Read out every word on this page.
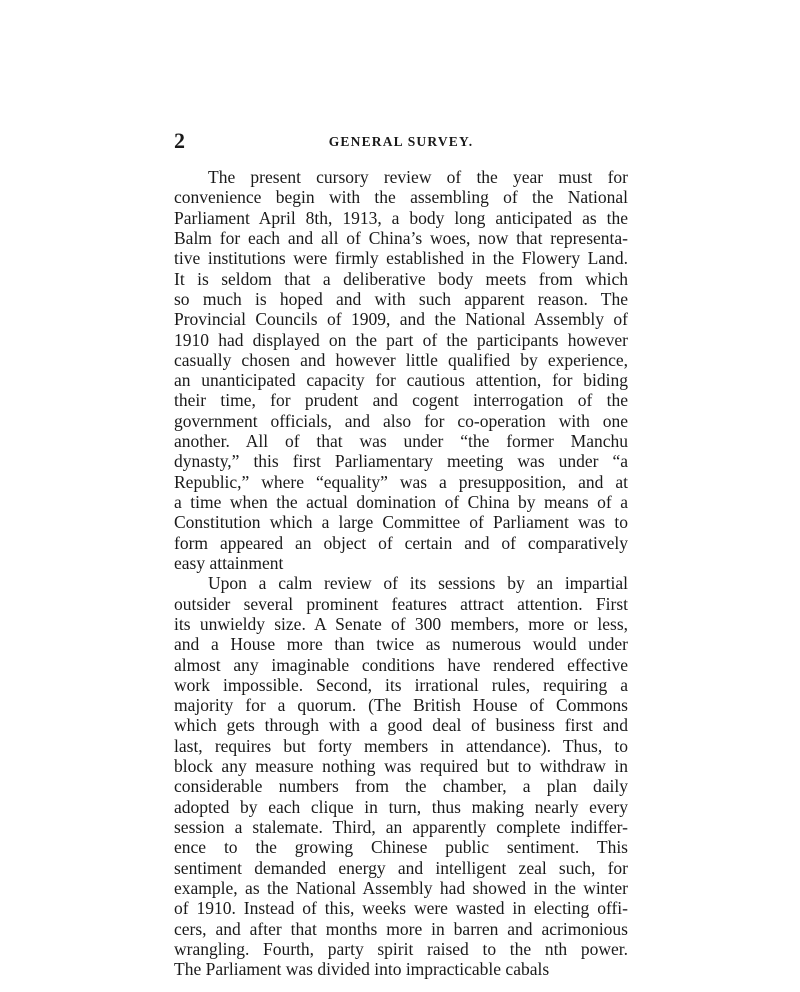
2	GENERAL SURVEY.
The present cursory review of the year must for
convenience begin with the assembling of the National
Parliament April 8th, 1913, a body long anticipated as the
Balm for each and all of China’s woes, now that representa-
tive institutions were firmly established in the Flowery Land.
It is seldom that a deliberative body meets from which
so much is hoped and with such apparent reason. The
Provincial Councils of 1909, and the National Assembly of
1910 had displayed on the part of the participants however
casually chosen and however little qualified by experience,
an unanticipated capacity for cautious attention, for biding
their time, for prudent and cogent interrogation of the
government officials, and also for co-operation with one
another. All of that was under “the former Manchu
dynasty,” this first Parliamentary meeting was under “a
Republic,” where “equality” was a presupposition, and at
a time when the actual domination of China by means of a
Constitution which a large Committee of Parliament was to
form appeared an object of certain and of comparatively
easy attainment
Upon a calm review of its sessions by an impartial
outsider several prominent features attract attention. First
its unwieldy size. A Senate of 300 members, more or less,
and a House more than twice as numerous would under
almost any imaginable conditions have rendered effective
work impossible. Second, its irrational rules, requiring a
majority for a quorum. (The British House of Commons
which gets through with a good deal of business first and
last, requires but forty members in attendance). Thus, to
block any measure nothing was required but to withdraw in
considerable numbers from the chamber, a plan daily
adopted by each clique in turn, thus making nearly every
session a stalemate. Third, an apparently complete indiffer-
ence to the growing Chinese public sentiment. This
sentiment demanded energy and intelligent zeal such, for
example, as the National Assembly had showed in the winter
of 1910. Instead of this, weeks were wasted in electing offi-
cers, and after that months more in barren and acrimonious
wrangling. Fourth, party spirit raised to the nth power.
The Parliament was divided into impracticable cabals
